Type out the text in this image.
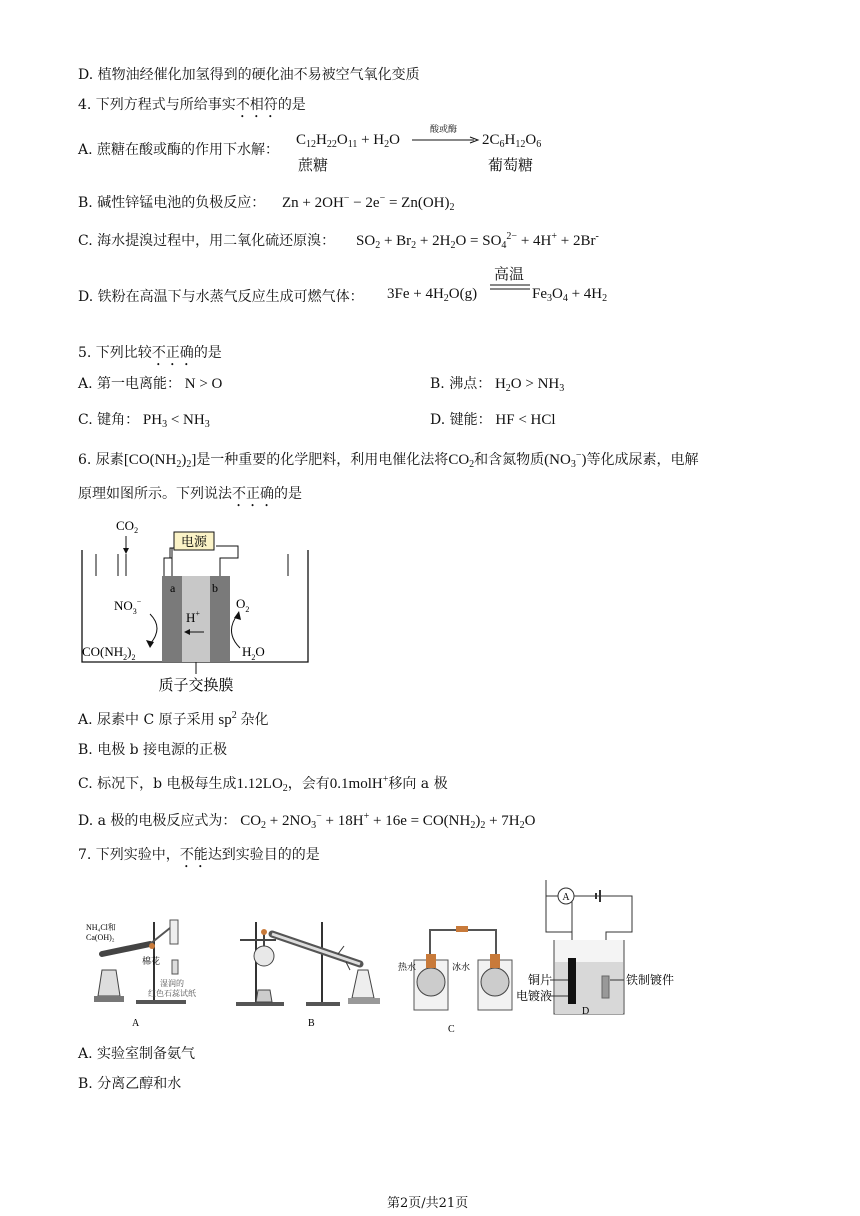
D. 植物油经催化加氢得到的硬化油不易被空气氧化变质
4. 下列方程式与所给事实不相符的是
A. 蔗糖在酸或酶的作用下水解：
$C_{12}H_{22}O_{11} + H_2O$
酸或酶
$2C_6H_{12}O_6$
蔗糖	葡萄糖
B. 碱性锌锰电池的负极反应： $Zn + 2OH^- - 2e^- = Zn(OH)_2$
C. 海水提溴过程中，用二氧化硫还原溴： $SO_2 + Br_2 + 2H_2O = SO_4^{2-} + 4H^+ + 2Br^-$
D. 铁粉在高温下与水蒸气反应生成可燃气体： $3Fe + 4H_2O(g)$
高温
$Fe_3O_4 + 4H_2$
5. 下列比较不正确的是
A. 第一电离能： N > O	B. 沸点： $H_2O > NH_3$
C. 键角： $PH_3 < NH_3$	D. 键能： HF < HCl
6. 尿素$[CO(NH_2)_2]$是一种重要的化学肥料，利用电催化法将$CO_2$和含氮物质$(NO_3^-)$等化成尿素，电解
原理如图所示。下列说法不正确的是
电源
$CO_2$
a	b
H+
$NO_3^-$
$CO(NH_2)_2$
$O_2$
$H_2O$
质子交换膜
A. 尿素中 C 原子采用 $sp^2$ 杂化
B. 电极 b 接电源的正极
C. 标况下，b 电极每生成$1.12LO_2$，会有0.1molH+移向 a 极
D. a 极的电极反应式为： $CO_2 + 2NO_3^- + 18H^+ + 16e = CO(NH_2)_2 + 7H_2O$
7. 下列实验中，不能达到实验目的的是
NH₄Cl和
Ca(OH)₂
棉花
湿润的
红色石蕊试纸
A	B
热水	冰水
C
A
铜片
电镀液
铁制镀件
D
A. 实验室制备氨气
B. 分离乙醇和水
第2页/共21页
